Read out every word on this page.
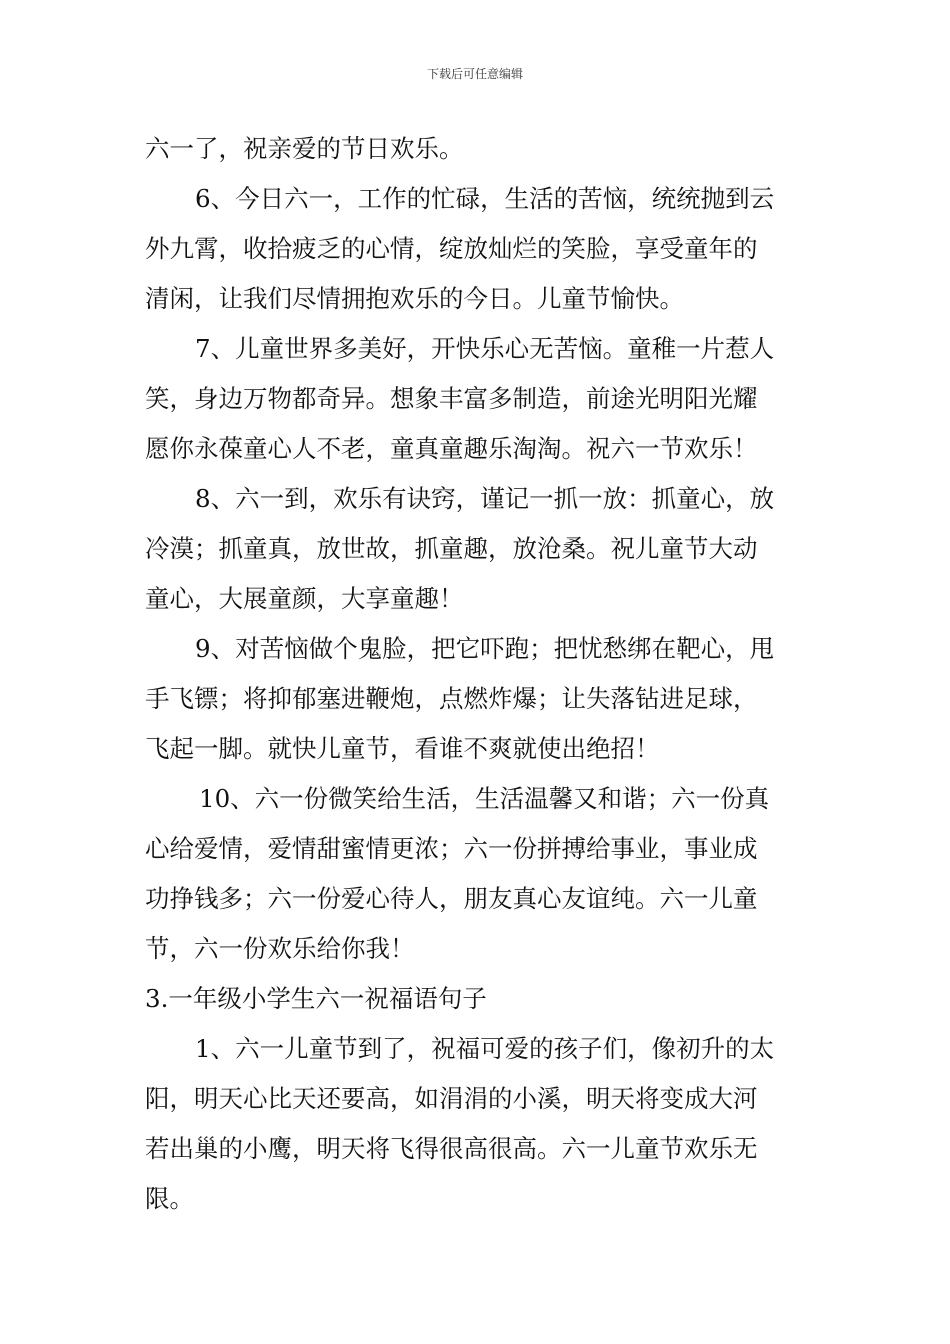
下载后可任意编辑
六一了，祝亲爱的节日欢乐。
6、今日六一，工作的忙碌，生活的苦恼，统统抛到云
外九霄，收拾疲乏的心情，绽放灿烂的笑脸，享受童年的
清闲，让我们尽情拥抱欢乐的今日。儿童节愉快。
7、儿童世界多美好，开快乐心无苦恼。童稚一片惹人
笑，身边万物都奇异。想象丰富多制造，前途光明阳光耀
愿你永葆童心人不老，童真童趣乐淘淘。祝六一节欢乐！
8、六一到，欢乐有诀窍，谨记一抓一放：抓童心，放
冷漠；抓童真，放世故，抓童趣，放沧桑。祝儿童节大动
童心，大展童颜，大享童趣！
9、对苦恼做个鬼脸，把它吓跑；把忧愁绑在靶心，甩
手飞镖；将抑郁塞进鞭炮，点燃炸爆；让失落钻进足球，
飞起一脚。就快儿童节，看谁不爽就使出绝招！
10、六一份微笑给生活，生活温馨又和谐；六一份真
心给爱情，爱情甜蜜情更浓；六一份拼搏给事业，事业成
功挣钱多；六一份爱心待人，朋友真心友谊纯。六一儿童
节，六一份欢乐给你我！
3.一年级小学生六一祝福语句子
1、六一儿童节到了，祝福可爱的孩子们，像初升的太
阳，明天心比天还要高，如涓涓的小溪，明天将变成大河
若出巢的小鹰，明天将飞得很高很高。六一儿童节欢乐无
限。
